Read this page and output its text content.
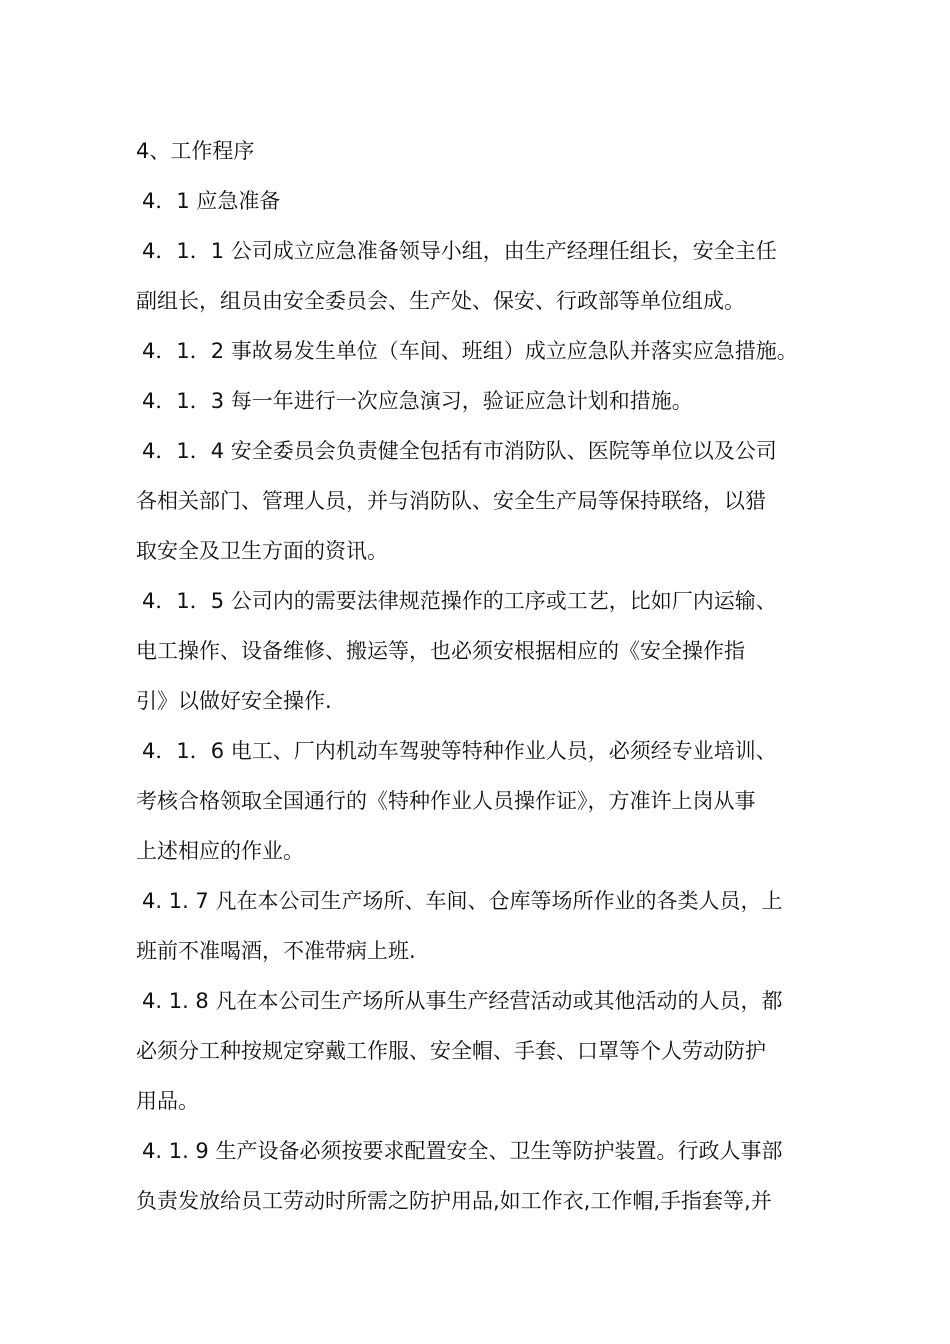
4、工作程序
4．1 应急准备
4．1．1 公司成立应急准备领导小组，由生产经理任组长，安全主任
副组长，组员由安全委员会、生产处、保安、行政部等单位组成。
4．1．2 事故易发生单位（车间、班组）成立应急队并落实应急措施。
4．1．3 每一年进行一次应急演习，验证应急计划和措施。
4．1．4 安全委员会负责健全包括有市消防队、医院等单位以及公司
各相关部门、管理人员，并与消防队、安全生产局等保持联络，以猎
取安全及卫生方面的资讯。
4．1．5 公司内的需要法律规范操作的工序或工艺，比如厂内运输、
电工操作、设备维修、搬运等，也必须安根据相应的《安全操作指
引》以做好安全操作.
4．1．6 电工、厂内机动车驾驶等特种作业人员，必须经专业培训、
考核合格领取全国通行的《特种作业人员操作证》，方准许上岗从事
上述相应的作业。
4. 1. 7 凡在本公司生产场所、车间、仓库等场所作业的各类人员，上
班前不准喝酒，不准带病上班.
4. 1. 8 凡在本公司生产场所从事生产经营活动或其他活动的人员，都
必须分工种按规定穿戴工作服、安全帽、手套、口罩等个人劳动防护
用品。
4. 1. 9 生产设备必须按要求配置安全、卫生等防护装置。行政人事部
负责发放给员工劳动时所需之防护用品,如工作衣,工作帽,手指套等,并
